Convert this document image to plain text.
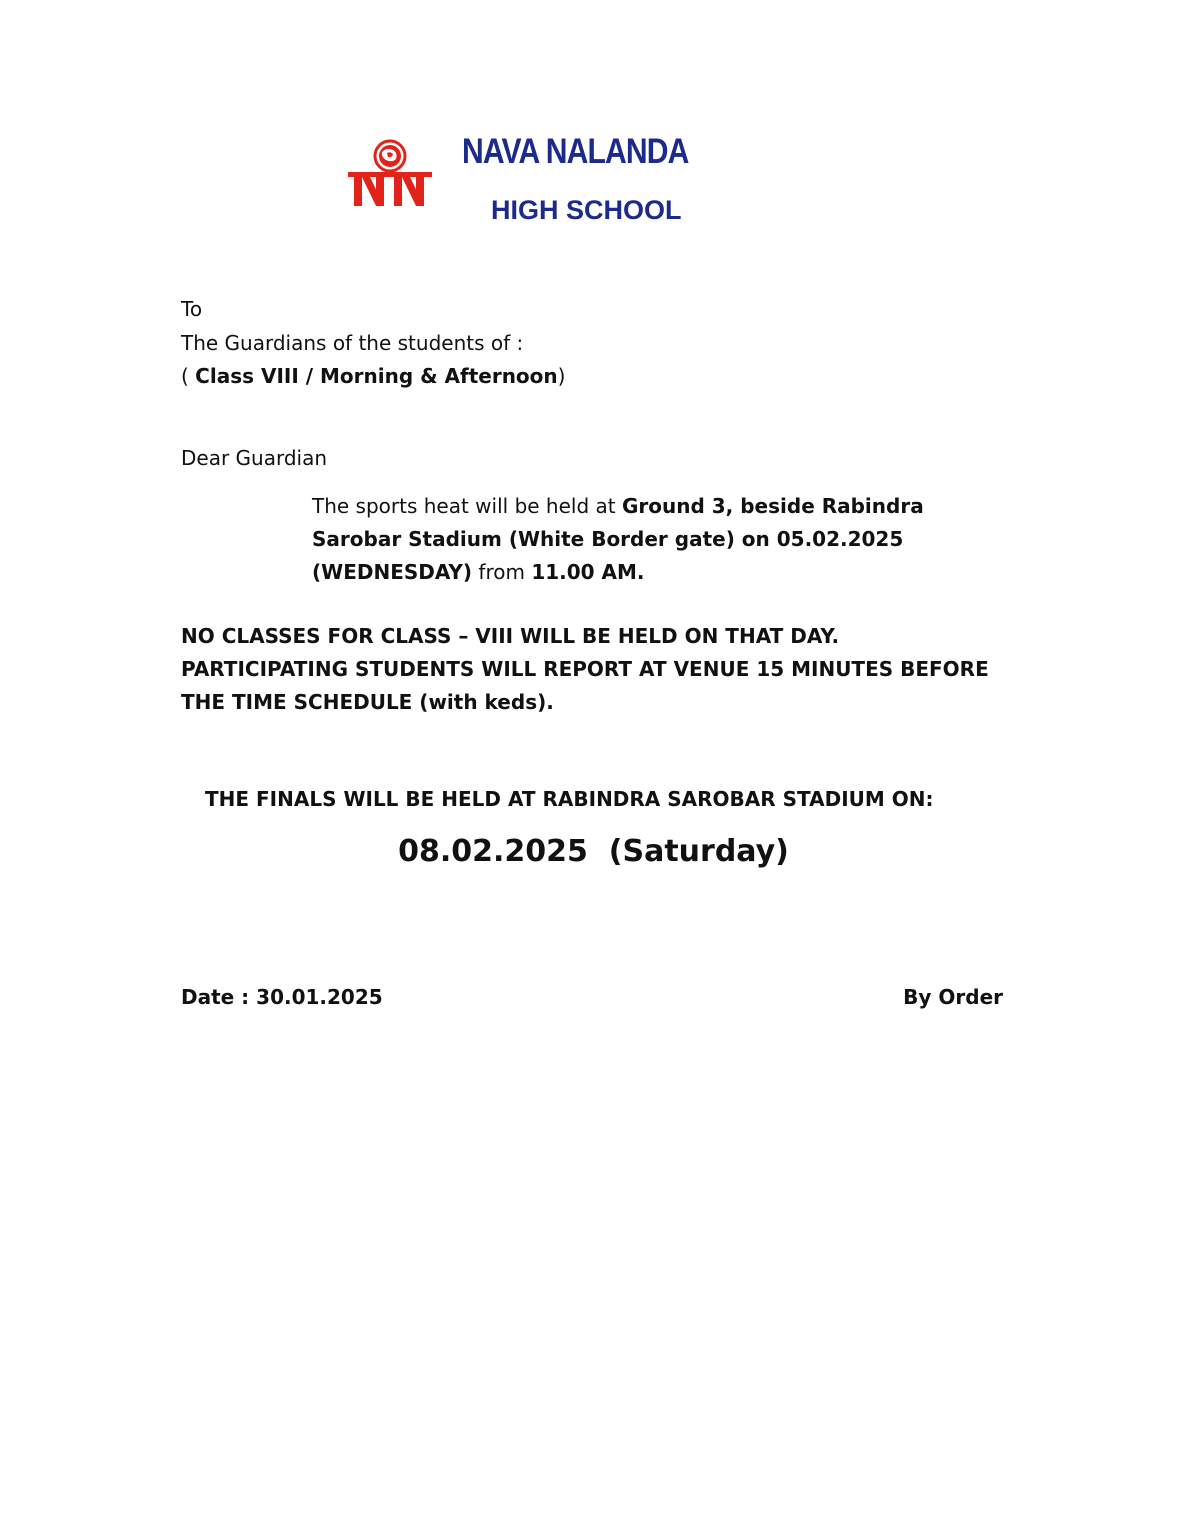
NAVA NALANDA
HIGH SCHOOL
To
The Guardians of the students of :
( Class VIII / Morning & Afternoon)
Dear Guardian
The sports heat will be held at Ground 3, beside Rabindra Sarobar Stadium (White Border gate) on 05.02.2025 (WEDNESDAY) from 11.00 AM.
NO CLASSES FOR CLASS – VIII WILL BE HELD ON THAT DAY. PARTICIPATING STUDENTS WILL REPORT AT VENUE 15 MINUTES BEFORE THE TIME SCHEDULE (with keds).
THE FINALS WILL BE HELD AT RABINDRA SAROBAR STADIUM ON:
08.02.2025  (Saturday)
Date : 30.01.2025	By Order
